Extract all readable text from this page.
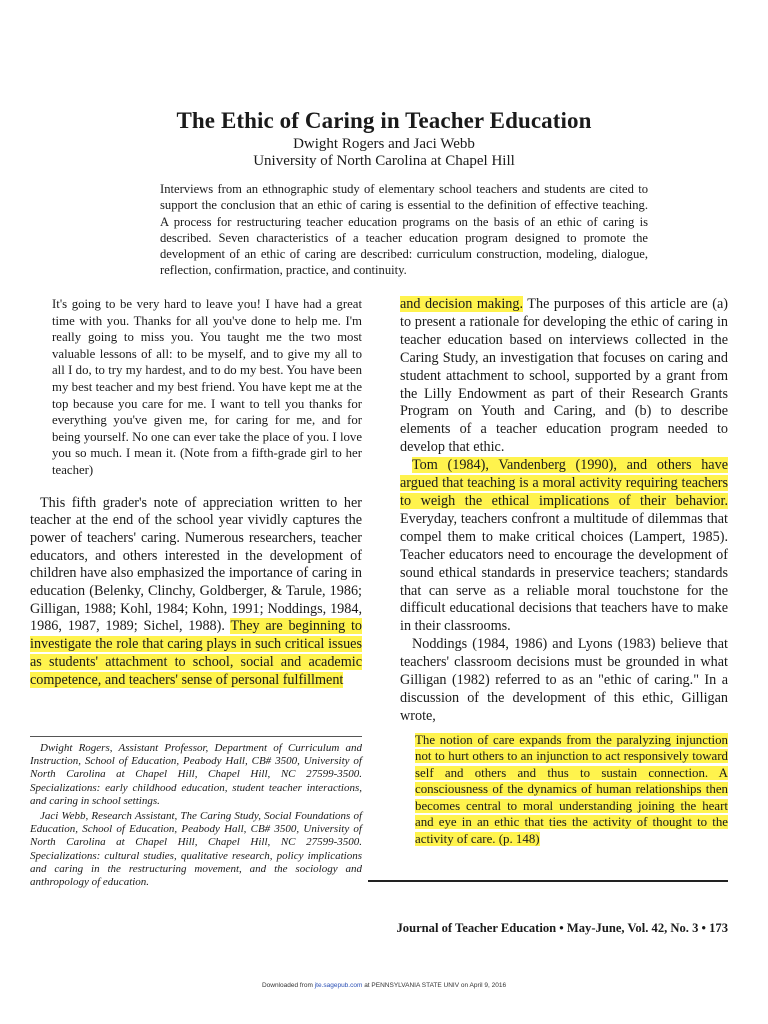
The Ethic of Caring in Teacher Education
Dwight Rogers and Jaci Webb
University of North Carolina at Chapel Hill

Interviews from an ethnographic study of elementary school teachers and students are cited to support the conclusion that an ethic of caring is essential to the definition of effective teaching. A process for restructuring teacher education programs on the basis of an ethic of caring is described. Seven characteristics of a teacher education program designed to promote the development of an ethic of caring are described: curriculum construction, modeling, dialogue, reflection, confirmation, practice, and continuity.

It's going to be very hard to leave you! I have had a great time with you. Thanks for all you've done to help me. I'm really going to miss you. You taught me the two most valuable lessons of all: to be myself, and to give my all to all I do, to try my hardest, and to do my best. You have been my best teacher and my best friend. You have kept me at the top because you care for me. I want to tell you thanks for everything you've given me, for caring for me, and for being yourself. No one can ever take the place of you. I love you so much. I mean it. (Note from a fifth-grade girl to her teacher)

This fifth grader's note of appreciation written to her teacher at the end of the school year vividly captures the power of teachers' caring. Numerous researchers, teacher educators, and others interested in the development of children have also emphasized the importance of caring in education (Belenky, Clinchy, Goldberger, & Tarule, 1986; Gilligan, 1988; Kohl, 1984; Kohn, 1991; Noddings, 1984, 1986, 1987, 1989; Sichel, 1988). They are beginning to investigate the role that caring plays in such critical issues as students' attachment to school, social and academic competence, and teachers' sense of personal fulfillment

Dwight Rogers, Assistant Professor, Department of Curriculum and Instruction, School of Education, Peabody Hall, CB# 3500, University of North Carolina at Chapel Hill, Chapel Hill, NC 27599-3500. Specializations: early childhood education, student teacher interactions, and caring in school settings.

Jaci Webb, Research Assistant, The Caring Study, Social Foundations of Education, School of Education, Peabody Hall, CB# 3500, University of North Carolina at Chapel Hill, Chapel Hill, NC 27599-3500. Specializations: cultural studies, qualitative research, policy implications and caring in the restructuring movement, and the sociology and anthropology of education.

and decision making. The purposes of this article are (a) to present a rationale for developing the ethic of caring in teacher education based on interviews collected in the Caring Study, an investigation that focuses on caring and student attachment to school, supported by a grant from the Lilly Endowment as part of their Research Grants Program on Youth and Caring, and (b) to describe elements of a teacher education program needed to develop that ethic.

Tom (1984), Vandenberg (1990), and others have argued that teaching is a moral activity requiring teachers to weigh the ethical implications of their behavior. Everyday, teachers confront a multitude of dilemmas that compel them to make critical choices (Lampert, 1985). Teacher educators need to encourage the development of sound ethical standards in preservice teachers; standards that can serve as a reliable moral touchstone for the difficult educational decisions that teachers have to make in their classrooms.

Noddings (1984, 1986) and Lyons (1983) believe that teachers' classroom decisions must be grounded in what Gilligan (1982) referred to as an "ethic of caring." In a discussion of the development of this ethic, Gilligan wrote,

The notion of care expands from the paralyzing injunction not to hurt others to an injunction to act responsively toward self and others and thus to sustain connection. A consciousness of the dynamics of human relationships then becomes central to moral understanding joining the heart and eye in an ethic that ties the activity of thought to the activity of care. (p. 148)

Journal of Teacher Education • May-June, Vol. 42, No. 3 • 173
Downloaded from jte.sagepub.com at PENNSYLVANIA STATE UNIV on April 9, 2016
